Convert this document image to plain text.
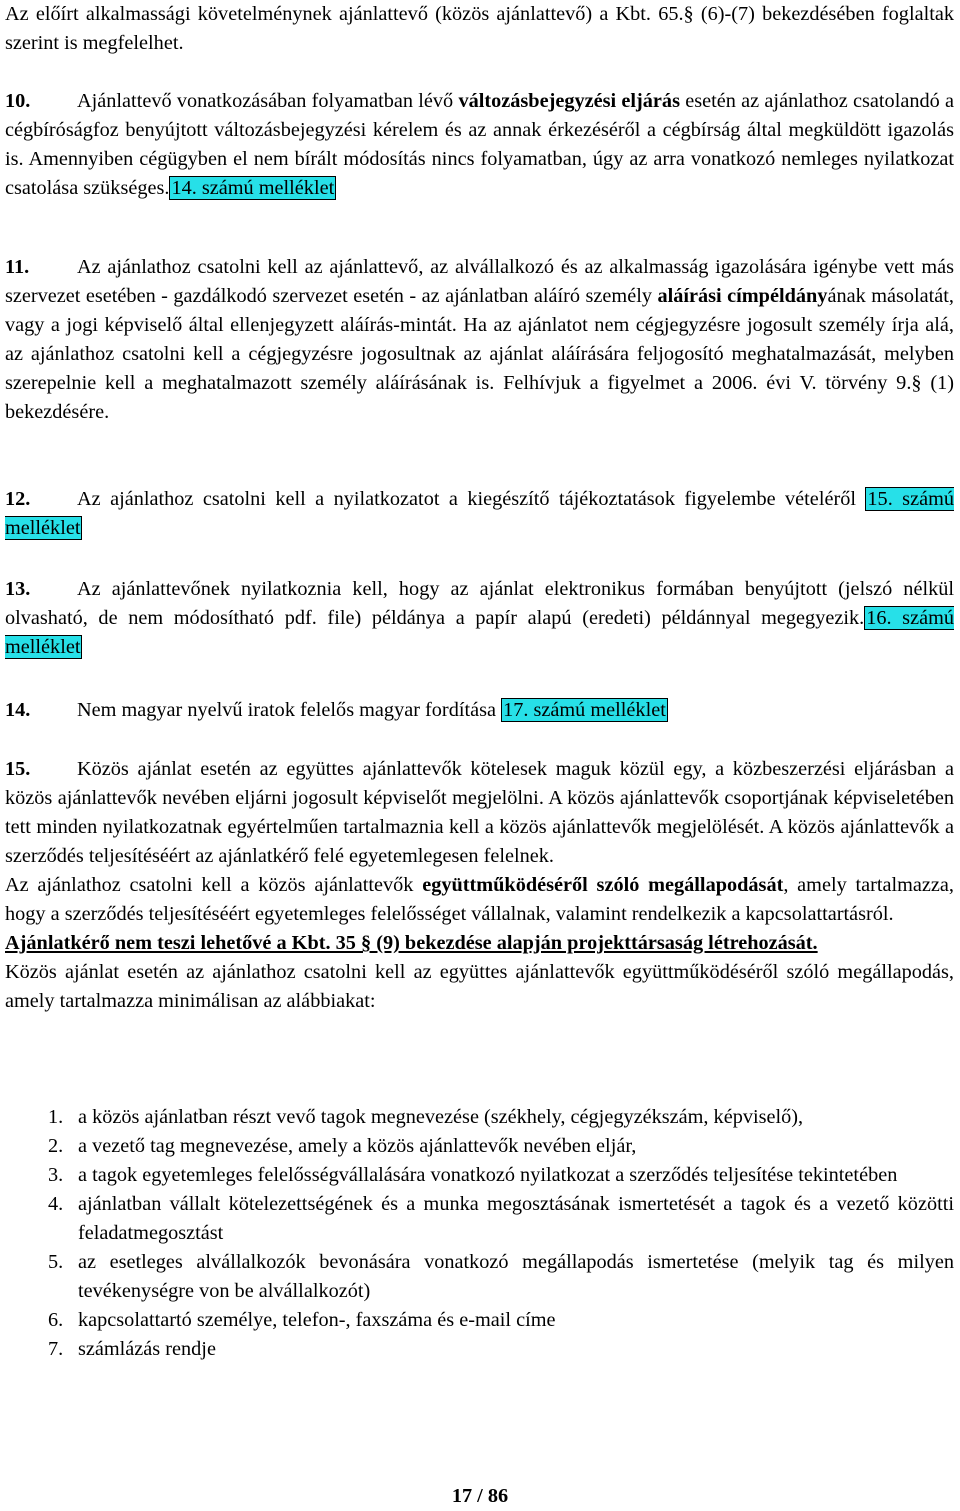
Az előírt alkalmassági követelménynek ajánlattevő (közös ajánlattevő) a Kbt. 65.§ (6)-(7) bekezdésében foglaltak szerint is megfelelhet.

10. Ajánlattevő vonatkozásában folyamatban lévő változásbejegyzési eljárás esetén az ajánlathoz csatolandó a cégbíróságfoz benyújtott változásbejegyzési kérelem és az annak érkezéséről a cégbírság által megküldött igazolás is. Amennyiben cégügyben el nem bírált módosítás nincs folyamatban, úgy az arra vonatkozó nemleges nyilatkozat csatolása szükséges.14. számú melléklet

11. Az ajánlathoz csatolni kell az ajánlattevő, az alvállalkozó és az alkalmasság igazolására igénybe vett más szervezet esetében - gazdálkodó szervezet esetén - az ajánlatban aláíró személy aláírási címpéldányának másolatát, vagy a jogi képviselő által ellenjegyzett aláírás-mintát. Ha az ajánlatot nem cégjegyzésre jogosult személy írja alá, az ajánlathoz csatolni kell a cégjegyzésre jogosultnak az ajánlat aláírására feljogosító meghatalmazását, melyben szerepelnie kell a meghatalmazott személy aláírásának is. Felhívjuk a figyelmet a 2006. évi V. törvény 9.§ (1) bekezdésére.

12. Az ajánlathoz csatolni kell a nyilatkozatot a kiegészítő tájékoztatások figyelembe vételéről 15. számú melléklet

13. Az ajánlattevőnek nyilatkoznia kell, hogy az ajánlat elektronikus formában benyújtott (jelszó nélkül olvasható, de nem módosítható pdf. file) példánya a papír alapú (eredeti) példánnyal megegyezik.16. számú melléklet

14. Nem magyar nyelvű iratok felelős magyar fordítása 17. számú melléklet

15. Közös ajánlat esetén az együttes ajánlattevők kötelesek maguk közül egy, a közbeszerzési eljárásban a közös ajánlattevők nevében eljárni jogosult képviselőt megjelölni. A közös ajánlattevők csoportjának képviseletében tett minden nyilatkozatnak egyértelműen tartalmaznia kell a közös ajánlattevők megjelölését. A közös ajánlattevők a szerződés teljesítéséért az ajánlatkérő felé egyetemlegesen felelnek.

Az ajánlathoz csatolni kell a közös ajánlattevők együttműködéséről szóló megállapodását, amely tartalmazza, hogy a szerződés teljesítéséért egyetemleges felelősséget vállalnak, valamint rendelkezik a kapcsolattartásról.

Ajánlatkérő nem teszi lehetővé a Kbt. 35 § (9) bekezdése alapján projekttársaság létrehozását.

Közös ajánlat esetén az ajánlathoz csatolni kell az együttes ajánlattevők együttműködéséről szóló megállapodás, amely tartalmazza minimálisan az alábbiakat:

1. a közös ajánlatban részt vevő tagok megnevezése (székhely, cégjegyzékszám, képviselő),
2. a vezető tag megnevezése, amely a közös ajánlattevők nevében eljár,
3. a tagok egyetemleges felelősségvállalására vonatkozó nyilatkozat a szerződés teljesítése tekintetében
4. ajánlatban vállalt kötelezettségének és a munka megosztásának ismertetését a tagok és a vezető közötti feladatmegosztást
5. az esetleges alvállalkozók bevonására vonatkozó megállapodás ismertetése (melyik tag és milyen tevékenységre von be alvállalkozót)
6. kapcsolattartó személye, telefon-, faxszáma és e-mail címe
7. számlázás rendje
17 / 86
